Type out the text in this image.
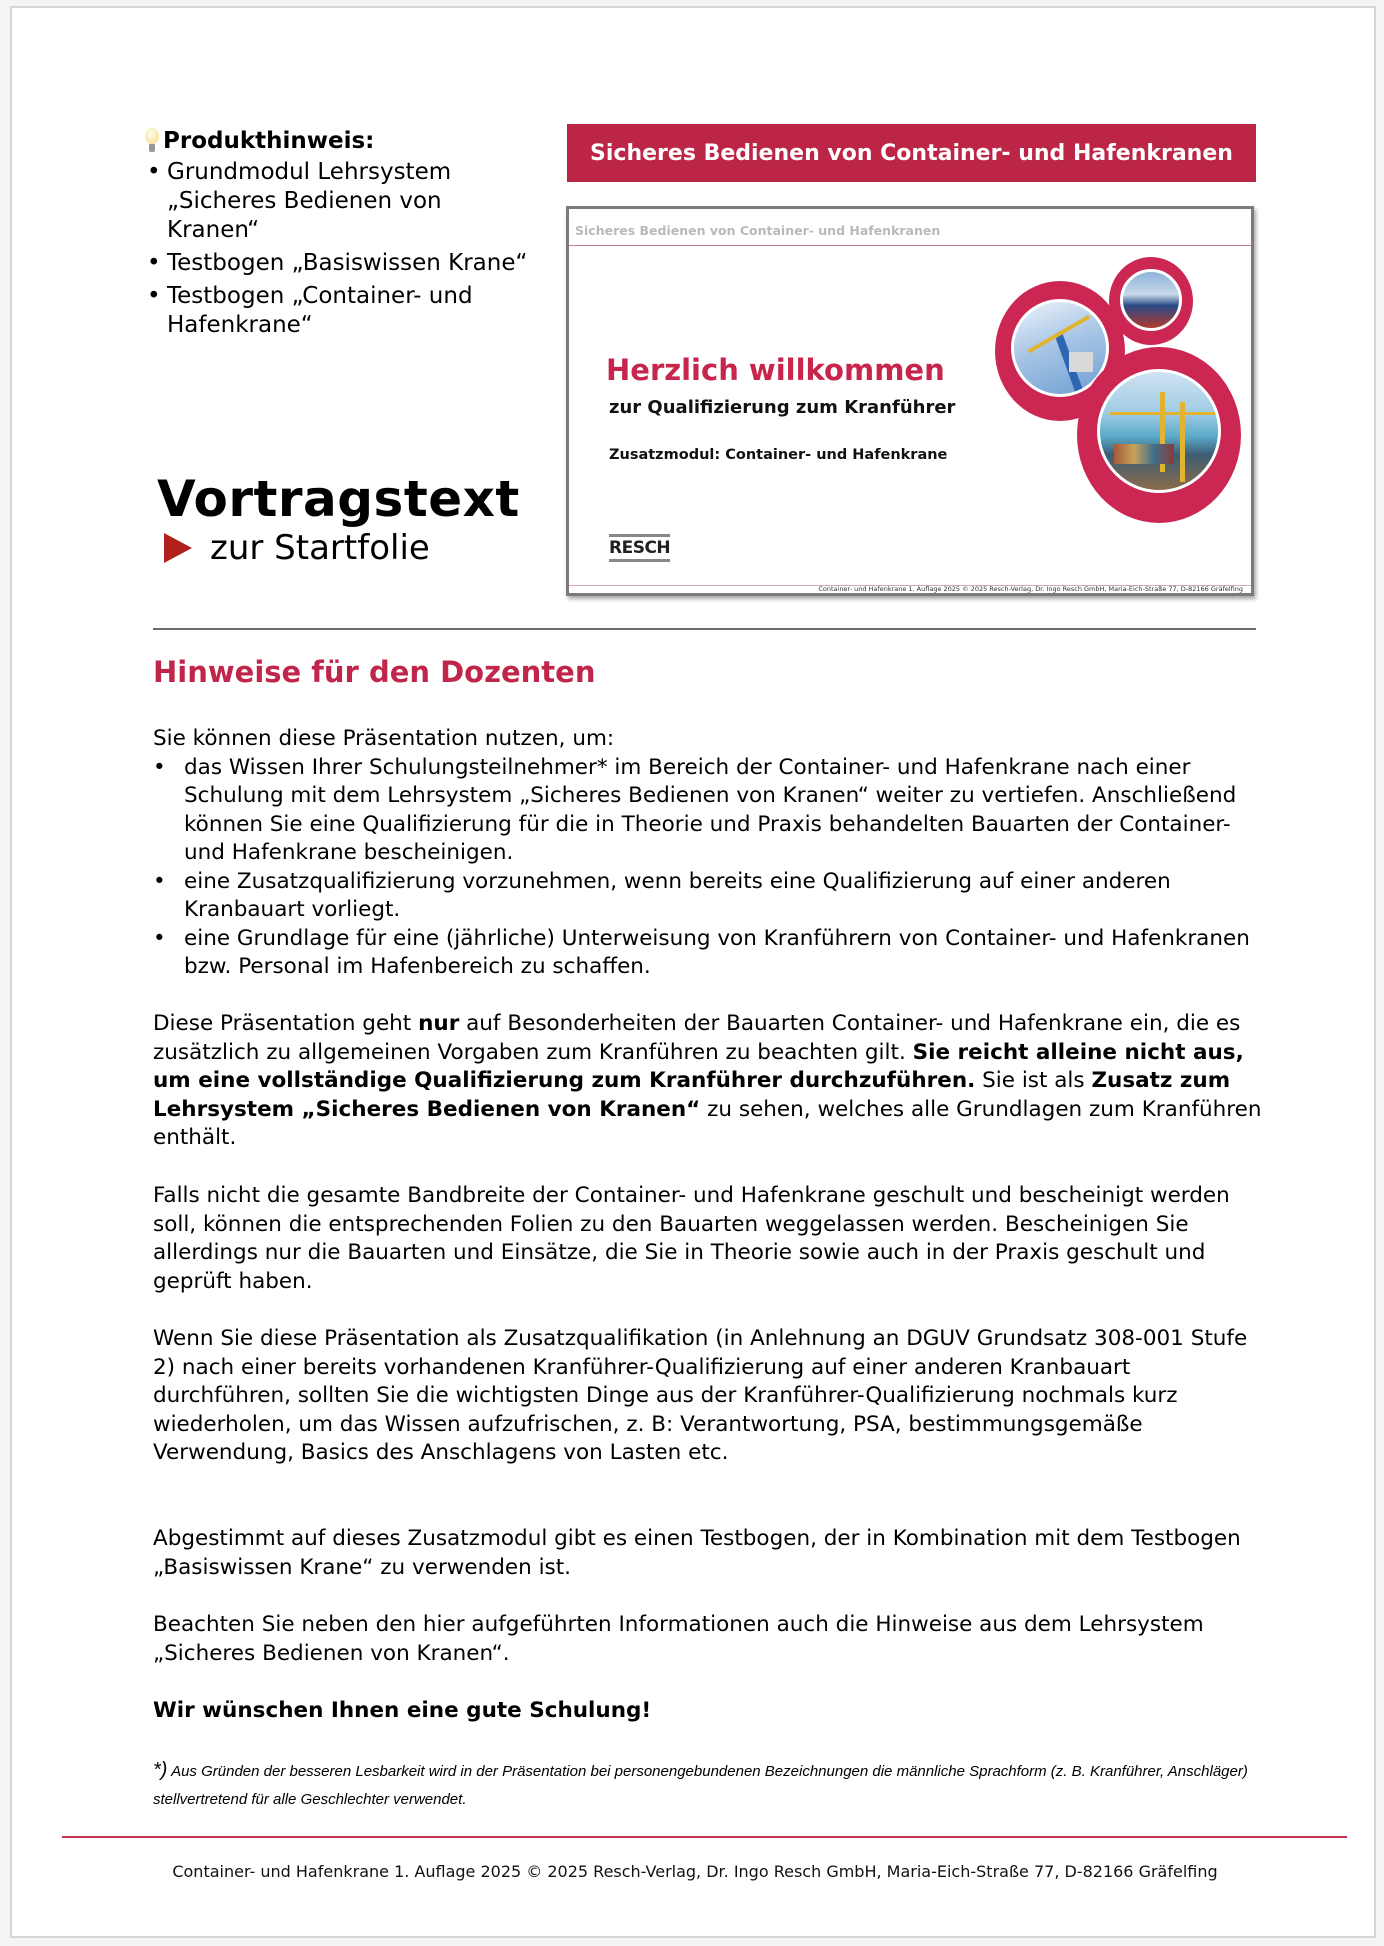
Produkthinweis:
• Grundmodul Lehrsystem „Sicheres Bedienen von Kranen“
• Testbogen „Basiswissen Krane“
• Testbogen „Container- und Hafenkrane“
Vortragstext
zur Startfolie
Sicheres Bedienen von Container- und Hafenkranen
Sicheres Bedienen von Container- und Hafenkranen
Herzlich willkommen
zur Qualifizierung zum Kranführer
Zusatzmodul: Container- und Hafenkrane
RESCH
Container- und Hafenkrane 1. Auflage 2025 © 2025 Resch-Verlag, Dr. Ingo Resch GmbH, Maria-Eich-Straße 77, D-82166 Gräfelfing
Hinweise für den Dozenten

Sie können diese Präsentation nutzen, um:

• das Wissen Ihrer Schulungsteilnehmer* im Bereich der Container- und Hafenkrane nach einer Schulung mit dem Lehrsystem „Sicheres Bedienen von Kranen“ weiter zu vertiefen. Anschließend können Sie eine Qualifizierung für die in Theorie und Praxis behandelten Bauarten der Container- und Hafenkrane bescheinigen.
• eine Zusatzqualifizierung vorzunehmen, wenn bereits eine Qualifizierung auf einer anderen Kranbauart vorliegt.
• eine Grundlage für eine (jährliche) Unterweisung von Kranführern von Container- und Hafenkranen bzw. Personal im Hafenbereich zu schaffen.

Diese Präsentation geht nur auf Besonderheiten der Bauarten Container- und Hafenkrane ein, die es zusätzlich zu allgemeinen Vorgaben zum Kranführen zu beachten gilt. Sie reicht alleine nicht aus, um eine vollständige Qualifizierung zum Kranführer durchzuführen. Sie ist als Zusatz zum Lehrsystem „Sicheres Bedienen von Kranen“ zu sehen, welches alle Grundlagen zum Kranführen enthält.

Falls nicht die gesamte Bandbreite der Container- und Hafenkrane geschult und bescheinigt werden soll, können die entsprechenden Folien zu den Bauarten weggelassen werden. Bescheinigen Sie allerdings nur die Bauarten und Einsätze, die Sie in Theorie sowie auch in der Praxis geschult und geprüft haben.
Wenn Sie diese Präsentation als Zusatzqualifikation (in Anlehnung an DGUV Grundsatz 308-001 Stufe 2) nach einer bereits vorhandenen Kranführer-Qualifizierung auf einer anderen Kranbauart durchführen, sollten Sie die wichtigsten Dinge aus der Kranführer-Qualifizierung nochmals kurz wiederholen, um das Wissen aufzufrischen, z. B: Verantwortung, PSA, bestimmungsgemäße Verwendung, Basics des Anschlagens von Lasten etc.
Abgestimmt auf dieses Zusatzmodul gibt es einen Testbogen, der in Kombination mit dem Testbogen „Basiswissen Krane“ zu verwenden ist.
Beachten Sie neben den hier aufgeführten Informationen auch die Hinweise aus dem Lehrsystem „Sicheres Bedienen von Kranen“.
Wir wünschen Ihnen eine gute Schulung!
*) Aus Gründen der besseren Lesbarkeit wird in der Präsentation bei personengebundenen Bezeichnungen die männliche Sprachform (z. B. Kranführer, Anschläger) stellvertretend für alle Geschlechter verwendet.
Container- und Hafenkrane 1. Auflage 2025 © 2025 Resch-Verlag, Dr. Ingo Resch GmbH, Maria-Eich-Straße 77, D-82166 Gräfelfing
